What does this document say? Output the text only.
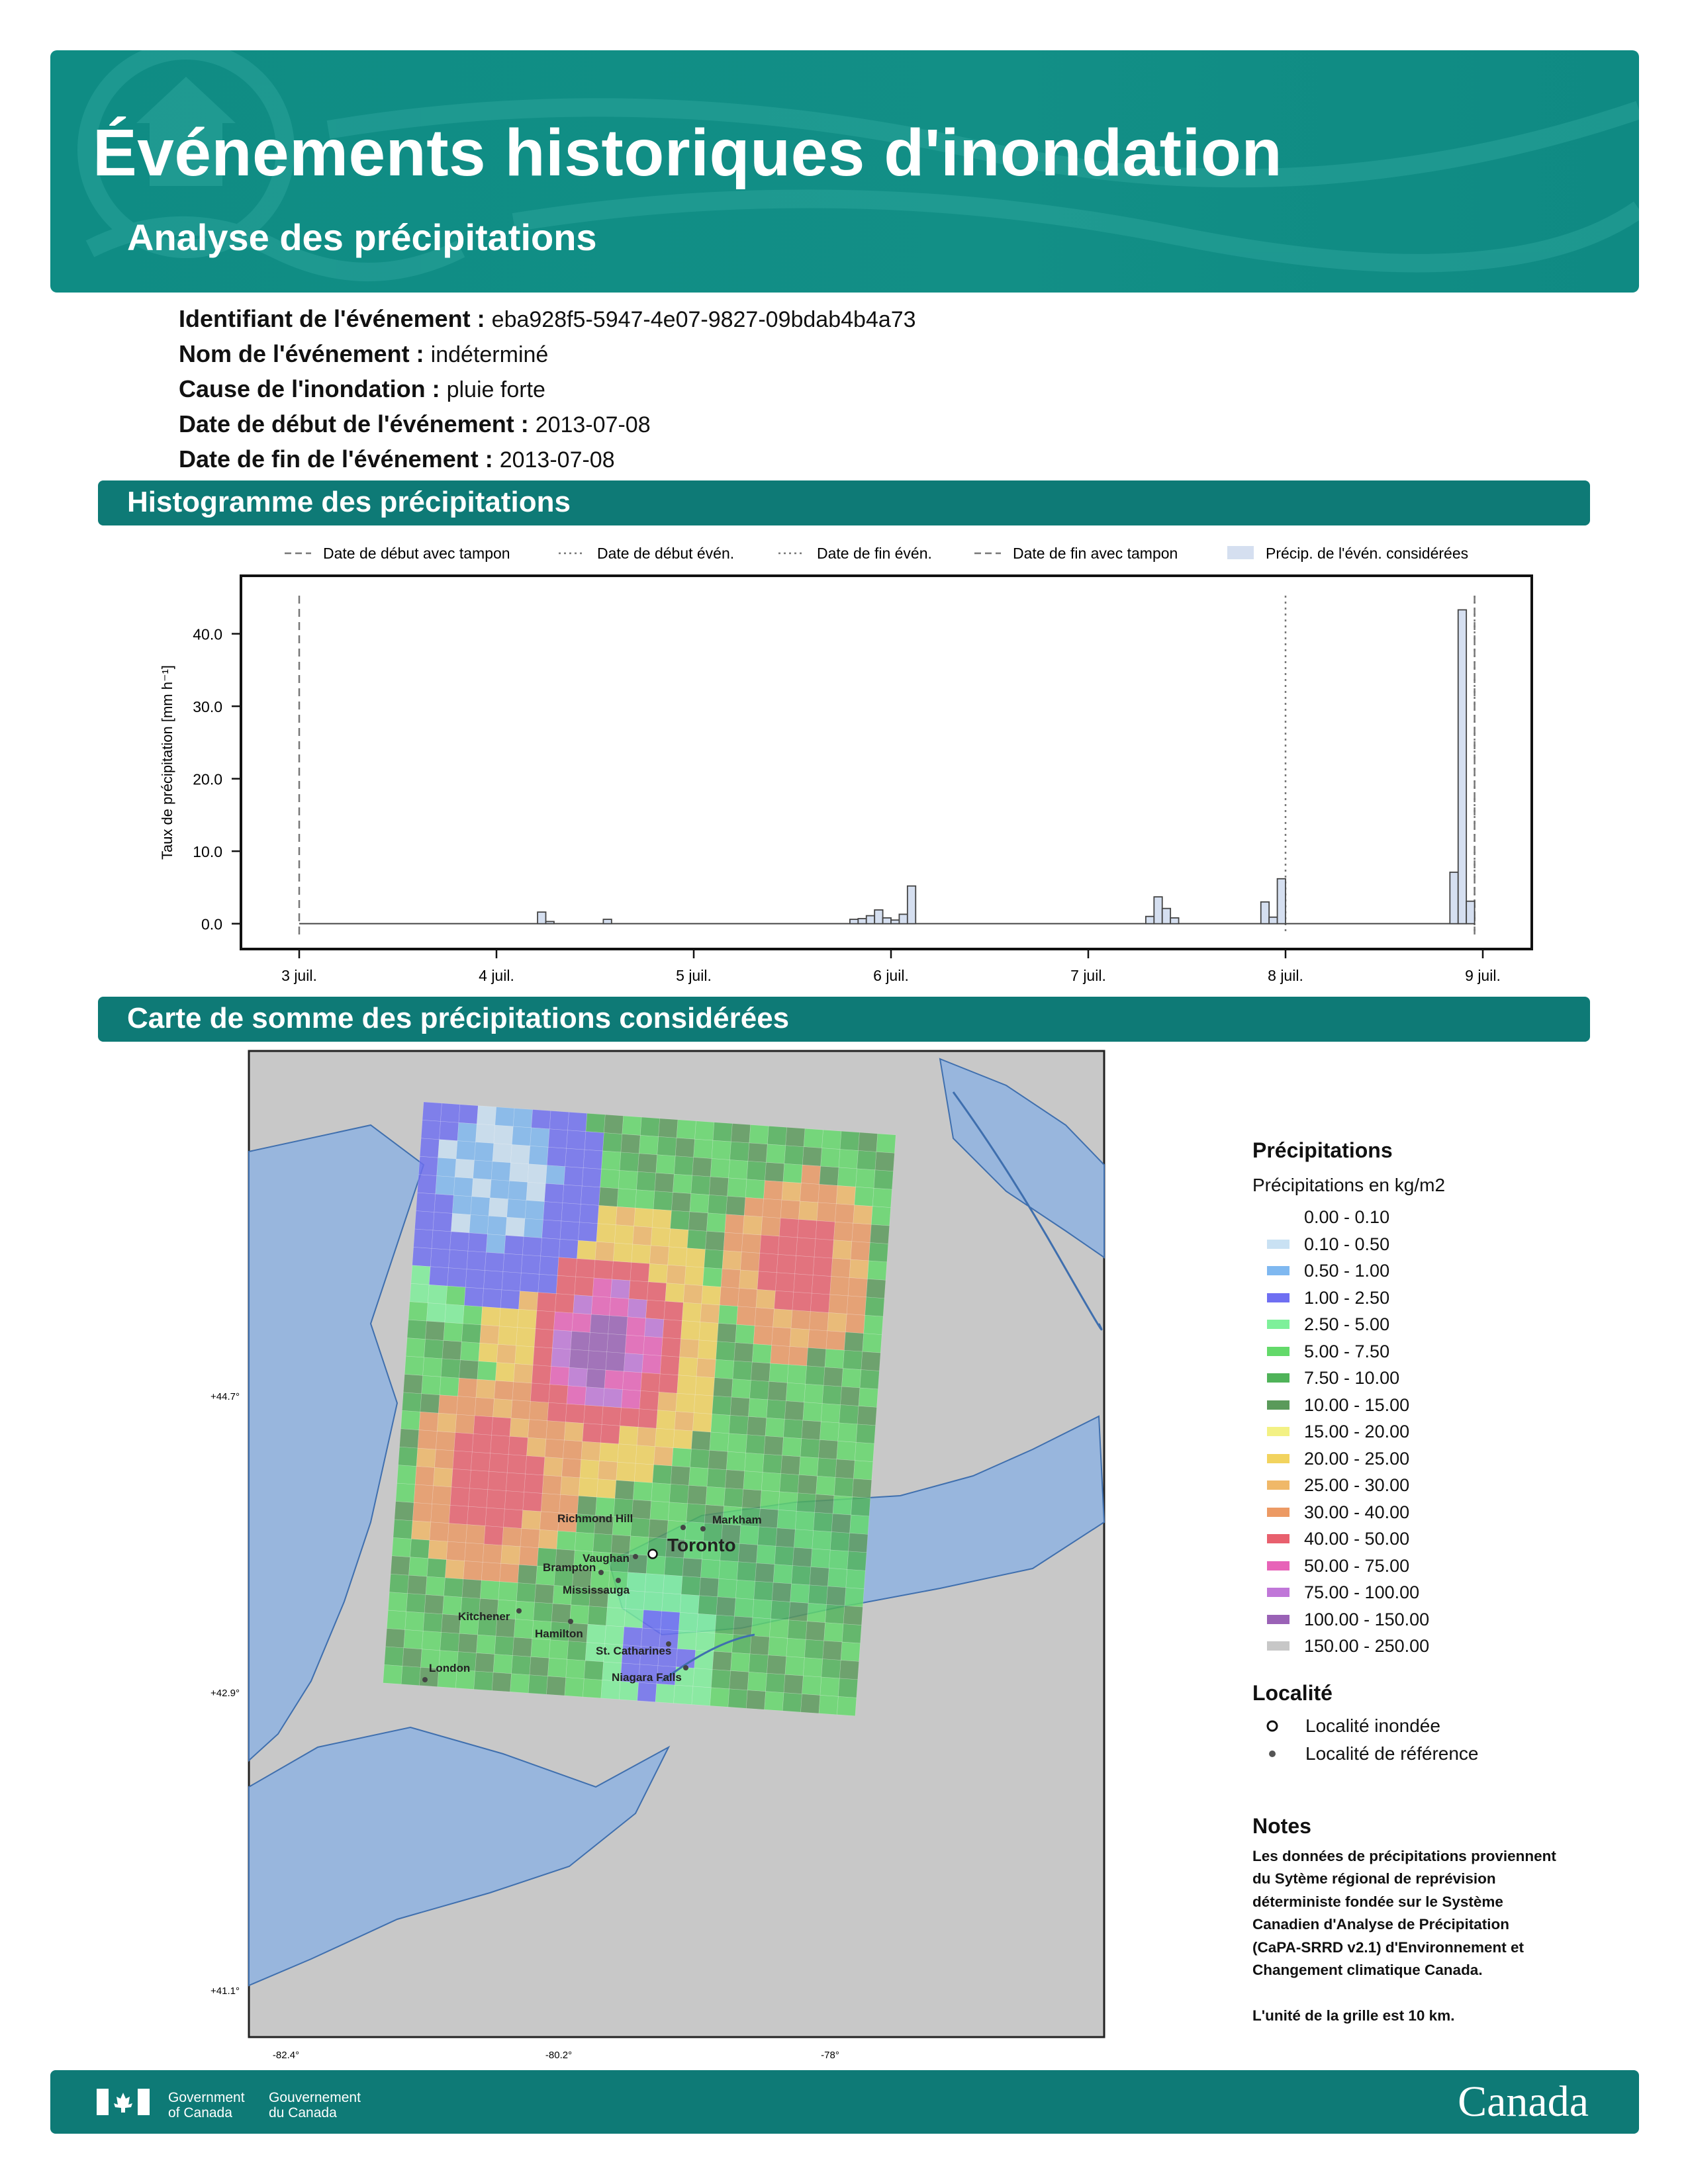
Événements historiques d'inondation
Analyse des précipitations
Identifiant de l'événement : eba928f5-5947-4e07-9827-09bdab4b4a73
Nom de l'événement : indéterminé
Cause de l'inondation : pluie forte
Date de début de l'événement : 2013-07-08
Date de fin de l'événement : 2013-07-08
Histogramme des précipitations
Carte de somme des précipitations considérées
Date de début avec tampon	Date de début évén.	Date de fin évén.	Date de fin avec tampon	Précip. de l'évén. considérées
0.0
10.0
20.0
30.0
40.0
3 juil.	4 juil.	5 juil.	6 juil.	7 juil.	8 juil.	9 juil.
Taux de précipitation [mm h⁻¹]
+44.7°
+42.9°
+41.1°
-82.4°	-80.2°	-78°
Richmond Hill	Markham
Toronto
Vaughan
Brampton
Mississauga
Kitchener
Hamilton
St. Catharines
Niagara Falls
London
Précipitations
Précipitations en kg/m2
0.00 - 0.10
0.10 - 0.50
0.50 - 1.00
1.00 - 2.50
2.50 - 5.00
5.00 - 7.50
7.50 - 10.00
10.00 - 15.00
15.00 - 20.00
20.00 - 25.00
25.00 - 30.00
30.00 - 40.00
40.00 - 50.00
50.00 - 75.00
75.00 - 100.00
100.00 - 150.00
150.00 - 250.00
Localité
Localité inondée
Localité de référence
Notes
Les données de précipitations proviennent
du Sytème régional de reprévision
déterministe fondée sur le Système
Canadien d'Analyse de Précipitation
(CaPA-SRRD v2.1) d'Environnement et
Changement climatique Canada.
L'unité de la grille est 10 km.
Government
of Canada
Gouvernement
du Canada	Canada
